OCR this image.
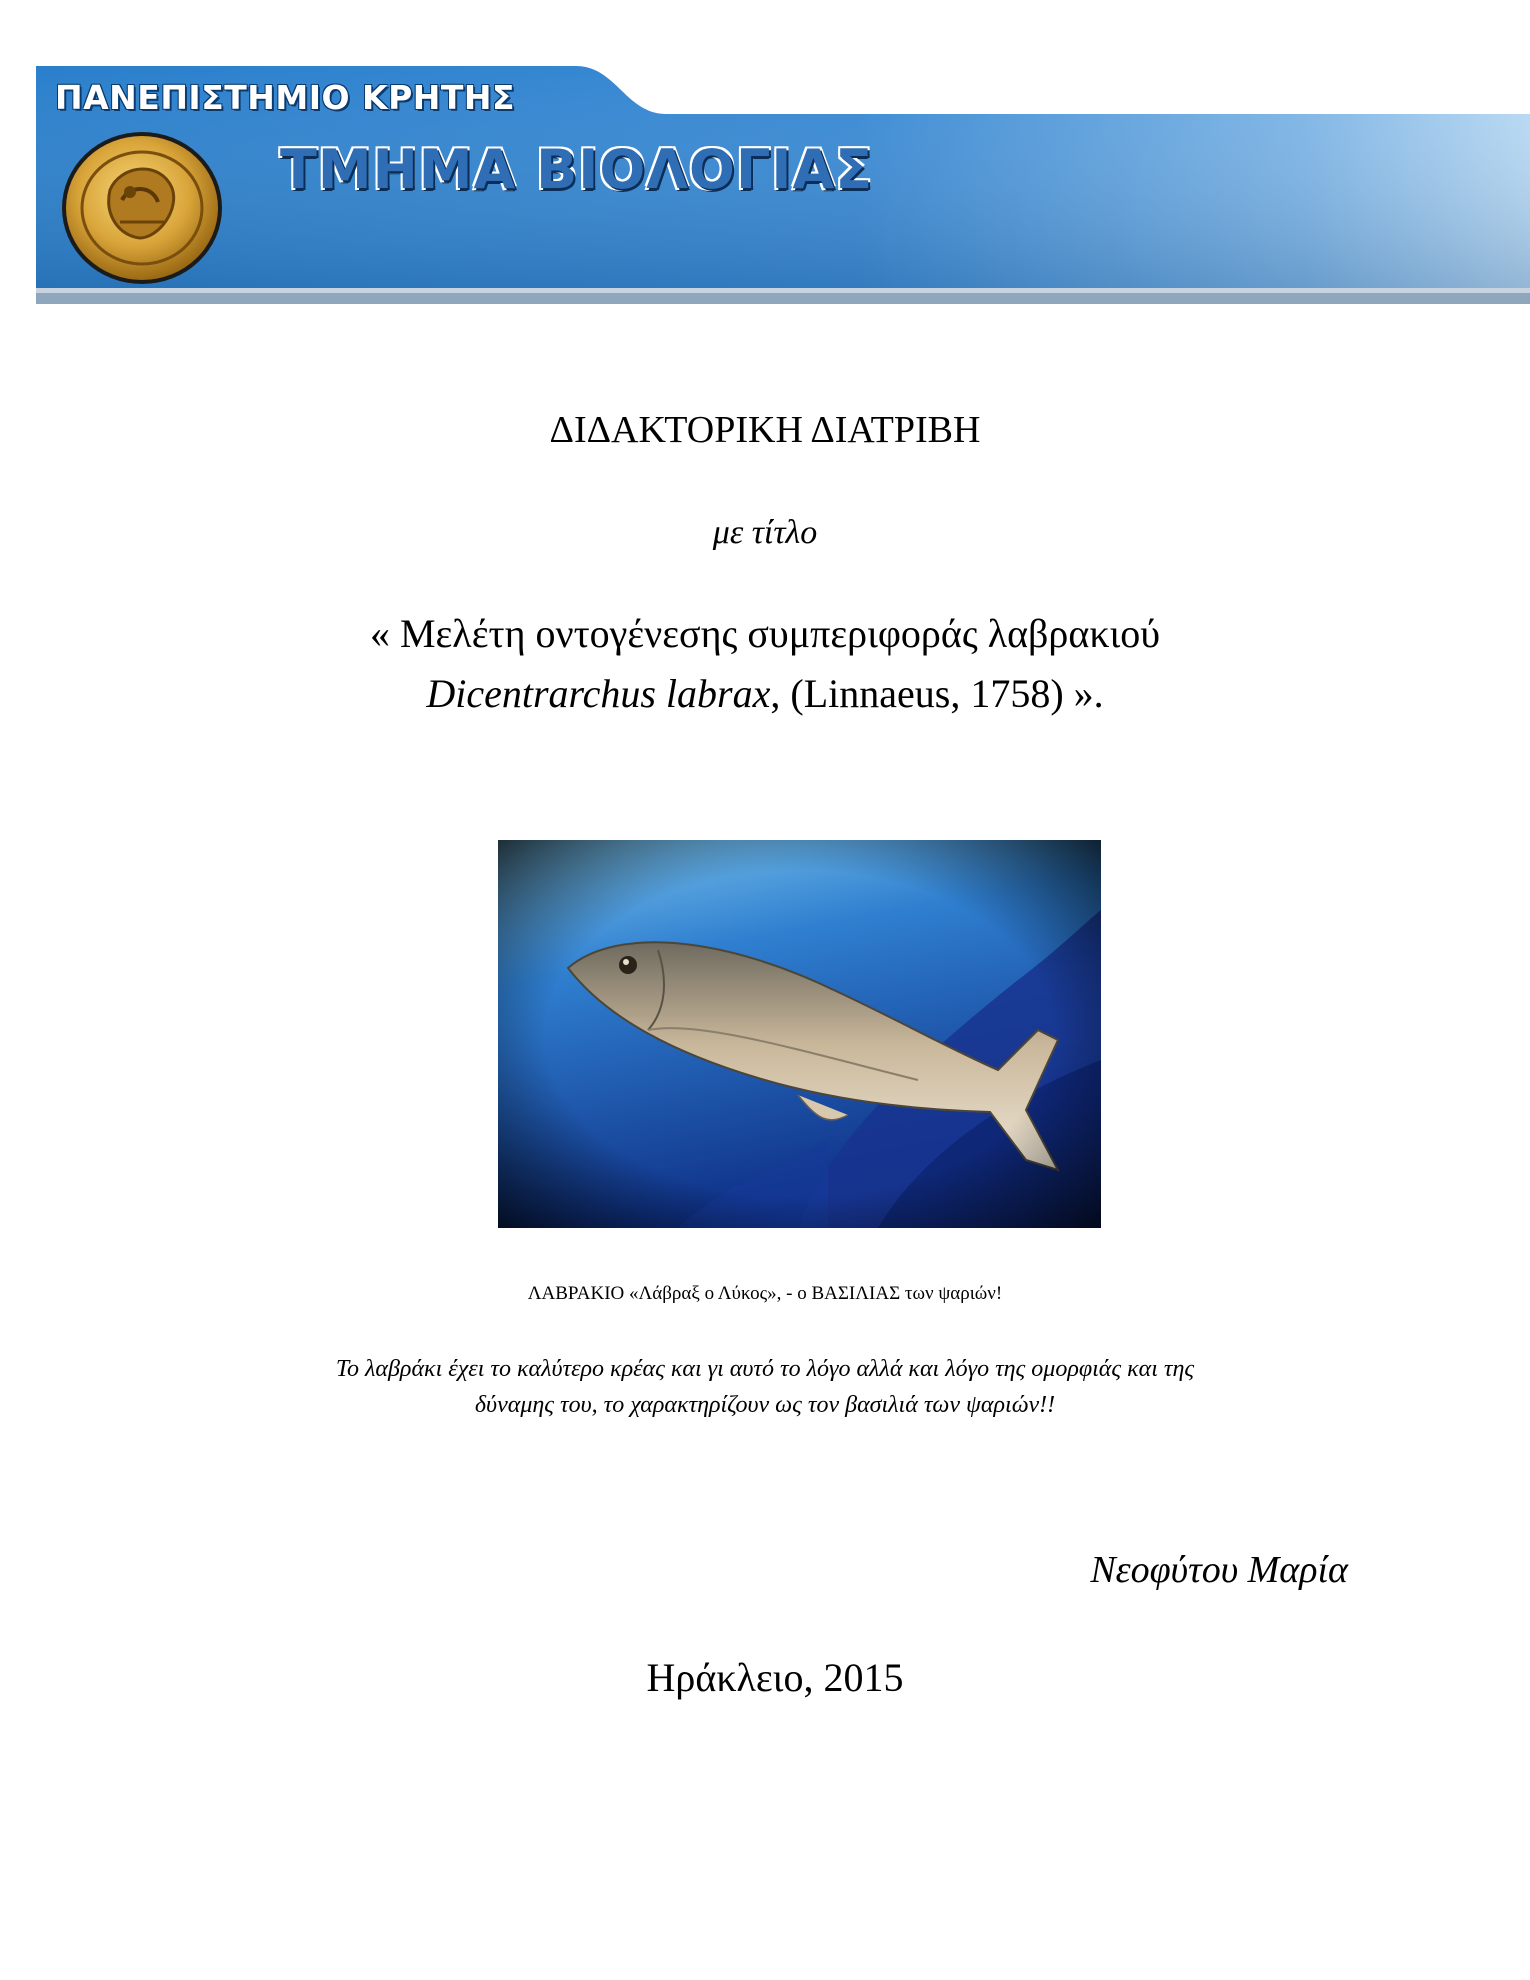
ΠΑΝΕΠΙΣΤΗΜΙΟ ΚΡΗΤΗΣ
ΤΜΗΜΑ ΒΙΟΛΟΓΙΑΣ
ΔΙΔΑΚΤΟΡΙΚΗ ΔΙΑΤΡΙΒΗ
με τίτλο
« Μελέτη οντογένεσης συμπεριφοράς λαβρακιού
Dicentrarchus labrax, (Linnaeus, 1758) ».
ΛΑΒΡΑΚΙΟ «Λάβραξ ο Λύκος», - ο ΒΑΣΙΛΙΑΣ των ψαριών!
Το λαβράκι έχει το καλύτερο κρέας και γι αυτό το λόγο αλλά και λόγο της ομορφιάς και της
δύναμης του, το χαρακτηρίζουν ως τον βασιλιά των ψαριών!!
Νεοφύτου Μαρία
Ηράκλειο, 2015
